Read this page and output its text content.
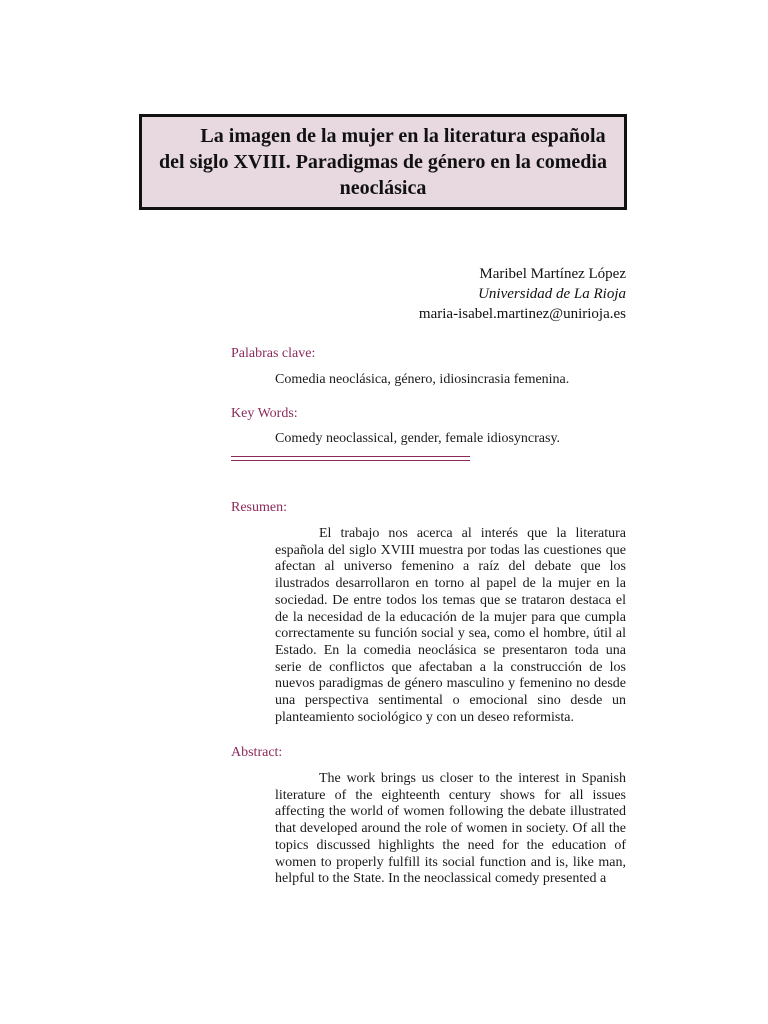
La imagen de la mujer en la literatura española del siglo XVIII. Paradigmas de género en la comedia neoclásica
Maribel Martínez López
Universidad de La Rioja
maria-isabel.martinez@unirioja.es
Palabras clave:
Comedia neoclásica, género, idiosincrasia femenina.
Key Words:
Comedy neoclassical, gender, female idiosyncrasy.
Resumen:

El trabajo nos acerca al interés que la literatura española del siglo XVIII muestra por todas las cuestiones que afectan al universo femenino a raíz del debate que los ilustrados desarrollaron en torno al papel de la mujer en la sociedad. De entre todos los temas que se trataron destaca el de la necesidad de la educación de la mujer para que cumpla correctamente su función social y sea, como el hombre, útil al Estado. En la comedia neoclásica se presentaron toda una serie de conflictos que afectaban a la construcción de los nuevos paradigmas de género masculino y femenino no desde una perspectiva sentimental o emocional sino desde un planteamiento sociológico y con un deseo reformista.

Abstract:

The work brings us closer to the interest in Spanish literature of the eighteenth century shows for all issues affecting the world of women following the debate illustrated that developed around the role of women in society. Of all the topics discussed highlights the need for the education of women to properly fulfill its social function and is, like man, helpful to the State. In the neoclassical comedy presented a
